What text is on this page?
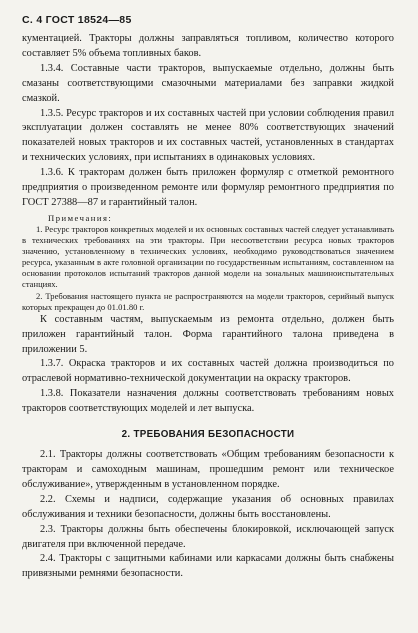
С. 4 ГОСТ 18524—85

кументацией. Тракторы должны заправляться топливом, количество которого составляет 5% объема топливных баков.

1.3.4. Составные части тракторов, выпускаемые отдельно, должны быть смазаны соответствующими смазочными материалами без заправки жидкой смазкой.

1.3.5. Ресурс тракторов и их составных частей при условии соблюдения правил эксплуатации должен составлять не менее 80% соответствующих значений показателей новых тракторов и их составных частей, установленных в стандартах и технических условиях, при испытаниях в одинаковых условиях.

1.3.6. К тракторам должен быть приложен формуляр с отметкой ремонтного предприятия о произведенном ремонте или формуляр ремонтного предприятия по ГОСТ 27388—87 и гарантийный талон.

Примечания:

1. Ресурс тракторов конкретных моделей и их основных составных частей следует устанавливать в технических требованиях на эти тракторы. При несоответствии ресурса новых тракторов значению, установленному в технических условиях, необходимо руководствоваться значением ресурса, указанным в акте головной организации по государственным испытаниям, составленном на основании протоколов испытаний тракторов данной модели на зональных машиноиспытательных станциях.

2. Требования настоящего пункта не распространяются на модели тракторов, серийный выпуск которых прекращен до 01.01.80 г.

К составным частям, выпускаемым из ремонта отдельно, должен быть приложен гарантийный талон. Форма гарантийного талона приведена в приложении 5.

1.3.7. Окраска тракторов и их составных частей должна производиться по отраслевой нормативно-технической документации на окраску тракторов.

1.3.8. Показатели назначения должны соответствовать требованиям новых тракторов соответствующих моделей и лет выпуска.

2. ТРЕБОВАНИЯ БЕЗОПАСНОСТИ

2.1. Тракторы должны соответствовать «Общим требованиям безопасности к тракторам и самоходным машинам, прошедшим ремонт или техническое обслуживание», утвержденным в установленном порядке.

2.2. Схемы и надписи, содержащие указания об основных правилах обслуживания и техники безопасности, должны быть восстановлены.

2.3. Тракторы должны быть обеспечены блокировкой, исключающей запуск двигателя при включенной передаче.

2.4. Тракторы с защитными кабинами или каркасами должны быть снабжены привязными ремнями безопасности.
